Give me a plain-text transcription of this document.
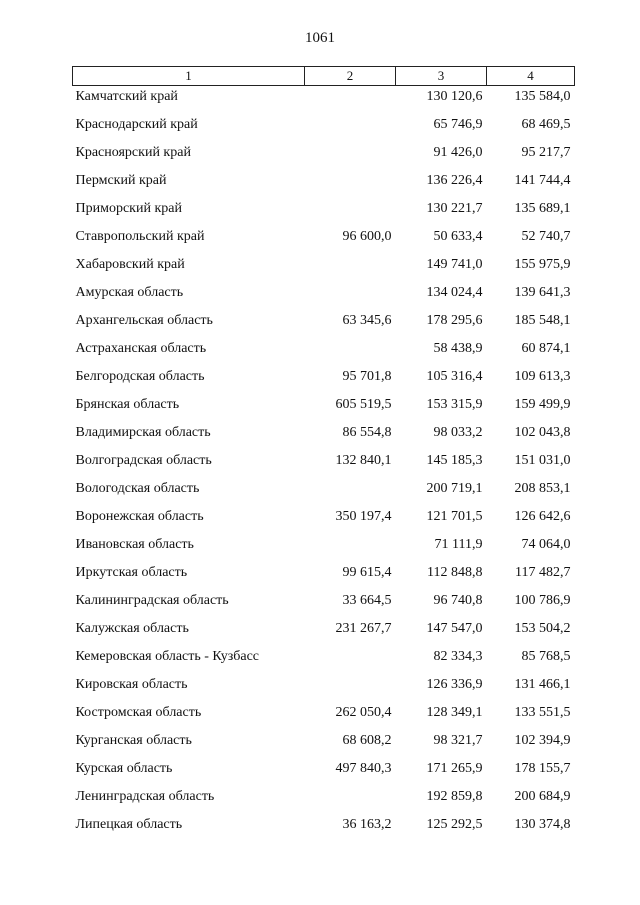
1061
1	2	3	4
Камчатский край		130 120,6	135 584,0
Краснодарский край		65 746,9	68 469,5
Красноярский край		91 426,0	95 217,7
Пермский край		136 226,4	141 744,4
Приморский край		130 221,7	135 689,1
Ставропольский край	96 600,0	50 633,4	52 740,7
Хабаровский край		149 741,0	155 975,9
Амурская область		134 024,4	139 641,3
Архангельская область	63 345,6	178 295,6	185 548,1
Астраханская область		58 438,9	60 874,1
Белгородская область	95 701,8	105 316,4	109 613,3
Брянская область	605 519,5	153 315,9	159 499,9
Владимирская область	86 554,8	98 033,2	102 043,8
Волгоградская область	132 840,1	145 185,3	151 031,0
Вологодская область		200 719,1	208 853,1
Воронежская область	350 197,4	121 701,5	126 642,6
Ивановская область		71 111,9	74 064,0
Иркутская область	99 615,4	112 848,8	117 482,7
Калининградская область	33 664,5	96 740,8	100 786,9
Калужская область	231 267,7	147 547,0	153 504,2
Кемеровская область - Кузбасс		82 334,3	85 768,5
Кировская область		126 336,9	131 466,1
Костромская область	262 050,4	128 349,1	133 551,5
Курганская область	68 608,2	98 321,7	102 394,9
Курская область	497 840,3	171 265,9	178 155,7
Ленинградская область		192 859,8	200 684,9
Липецкая область	36 163,2	125 292,5	130 374,8
